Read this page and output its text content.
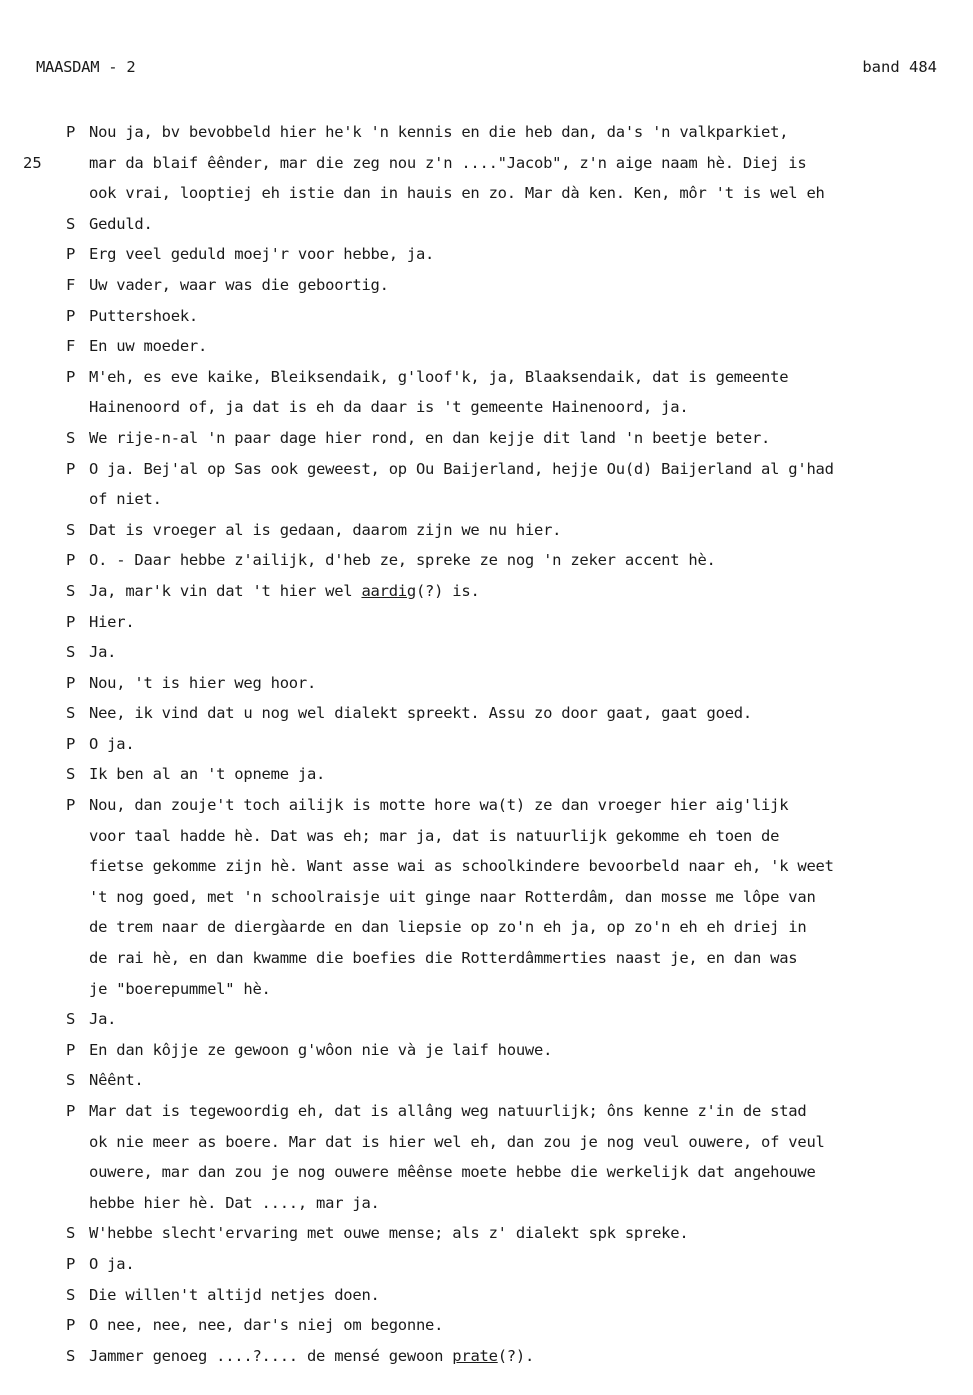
MAASDAM - 2	band 484
P Nou ja, bv bevobbeld hier he'k 'n kennis en die heb dan, da's 'n valkparkiet,
25	mar da blaif êênder, mar die zeg nou z'n ...."Jacob", z'n aige naam hè. Diej is
ook vrai, looptiej eh istie dan in hauis en zo. Mar dà ken. Ken, môr 't is wel eh
S Geduld.
P Erg veel geduld moej'r voor hebbe, ja.
F Uw vader, waar was die geboortig.
P Puttershoek.
F En uw moeder.
P M'eh, es eve kaike, Bleiksendaik, g'loof'k, ja, Blaaksendaik, dat is gemeente
Hainenoord of, ja dat is eh da daar is 't gemeente Hainenoord, ja.
S We rije-n-al 'n paar dage hier rond, en dan kejje dit land 'n beetje beter.
P O ja. Bej'al op Sas ook geweest, op Ou Baijerland, hejje Ou(d) Baijerland al g'had
of niet.
S Dat is vroeger al is gedaan, daarom zijn we nu hier.
P O. - Daar hebbe z'ailijk, d'heb ze, spreke ze nog 'n zeker accent hè.
S Ja, mar'k vin dat 't hier wel aardig(?) is.
P Hier.
S Ja.
P Nou, 't is hier weg hoor.
S Nee, ik vind dat u nog wel dialekt spreekt. Assu zo door gaat, gaat goed.
P O ja.
S Ik ben al an 't opneme ja.
P Nou, dan zouje't toch ailijk is motte hore wa(t) ze dan vroeger hier aig'lijk
voor taal hadde hè. Dat was eh; mar ja, dat is natuurlijk gekomme eh toen de
fietse gekomme zijn hè. Want asse wai as schoolkindere bevoorbeld naar eh, 'k weet
't nog goed, met 'n schoolraisje uit ginge naar Rotterdâm, dan mosse me lôpe van
de trem naar de diergàarde en dan liepsie op zo'n eh ja, op zo'n eh eh driej in
de rai hè, en dan kwamme die boefies die Rotterdâmmerties naast je, en dan was
je "boerepummel" hè.
S Ja.
P En dan kôjje ze gewoon g'wôon nie và je laif houwe.
S Nêênt.
P Mar dat is tegewoordig eh, dat is allâng weg natuurlijk; ôns kenne z'in de stad
ok nie meer as boere. Mar dat is hier wel eh, dan zou je nog veul ouwere, of veul
ouwere, mar dan zou je nog ouwere mêênse moete hebbe die werkelijk dat angehouwe
hebbe hier hè. Dat ...., mar ja.
S W'hebbe slecht'ervaring met ouwe mense; als z' dialekt spk spreke.
P O ja.
S Die willen't altijd netjes doen.
P O nee, nee, nee, dar's niej om begonne.
S Jammer genoeg ....?.... de mensé gewoon prate(?).
